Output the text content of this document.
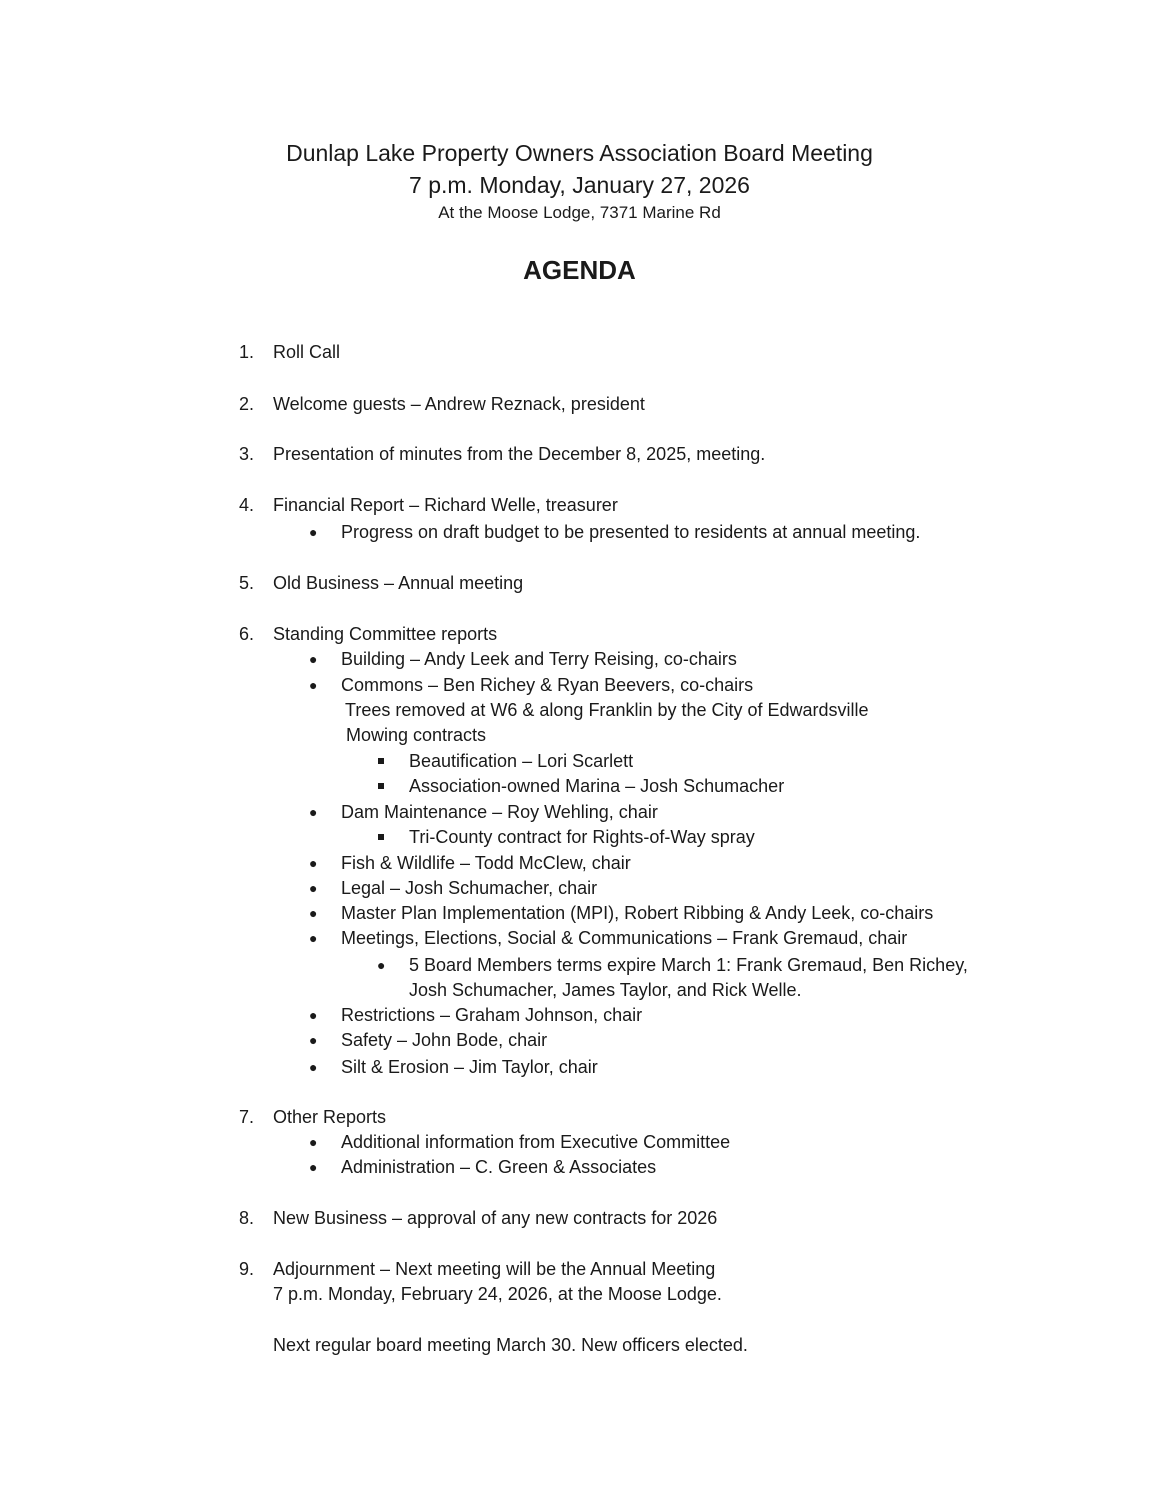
Dunlap Lake Property Owners Association Board Meeting
7 p.m. Monday, January 27, 2026
At the Moose Lodge, 7371 Marine Rd
AGENDA
1. Roll Call
2. Welcome guests – Andrew Reznack, president
3. Presentation of minutes from the December 8, 2025, meeting.
4. Financial Report – Richard Welle, treasurer
● Progress on draft budget to be presented to residents at annual meeting.
5. Old Business – Annual meeting
6. Standing Committee reports
● Building – Andy Leek and Terry Reising, co-chairs
● Commons – Ben Richey & Ryan Beevers, co-chairs
Trees removed at W6 & along Franklin by the City of Edwardsville
Mowing contracts
Beautification – Lori Scarlett
Association-owned Marina – Josh Schumacher
● Dam Maintenance – Roy Wehling, chair
Tri-County contract for Rights-of-Way spray
● Fish & Wildlife – Todd McClew, chair
● Legal – Josh Schumacher, chair
● Master Plan Implementation (MPI), Robert Ribbing & Andy Leek, co-chairs
● Meetings, Elections, Social & Communications – Frank Gremaud, chair
● 5 Board Members terms expire March 1: Frank Gremaud, Ben Richey,
Josh Schumacher, James Taylor, and Rick Welle.
● Restrictions – Graham Johnson, chair
● Safety – John Bode, chair
● Silt & Erosion – Jim Taylor, chair
7. Other Reports
● Additional information from Executive Committee
● Administration – C. Green & Associates
8. New Business – approval of any new contracts for 2026
9. Adjournment – Next meeting will be the Annual Meeting
7 p.m. Monday, February 24, 2026, at the Moose Lodge.
Next regular board meeting March 30. New officers elected.
